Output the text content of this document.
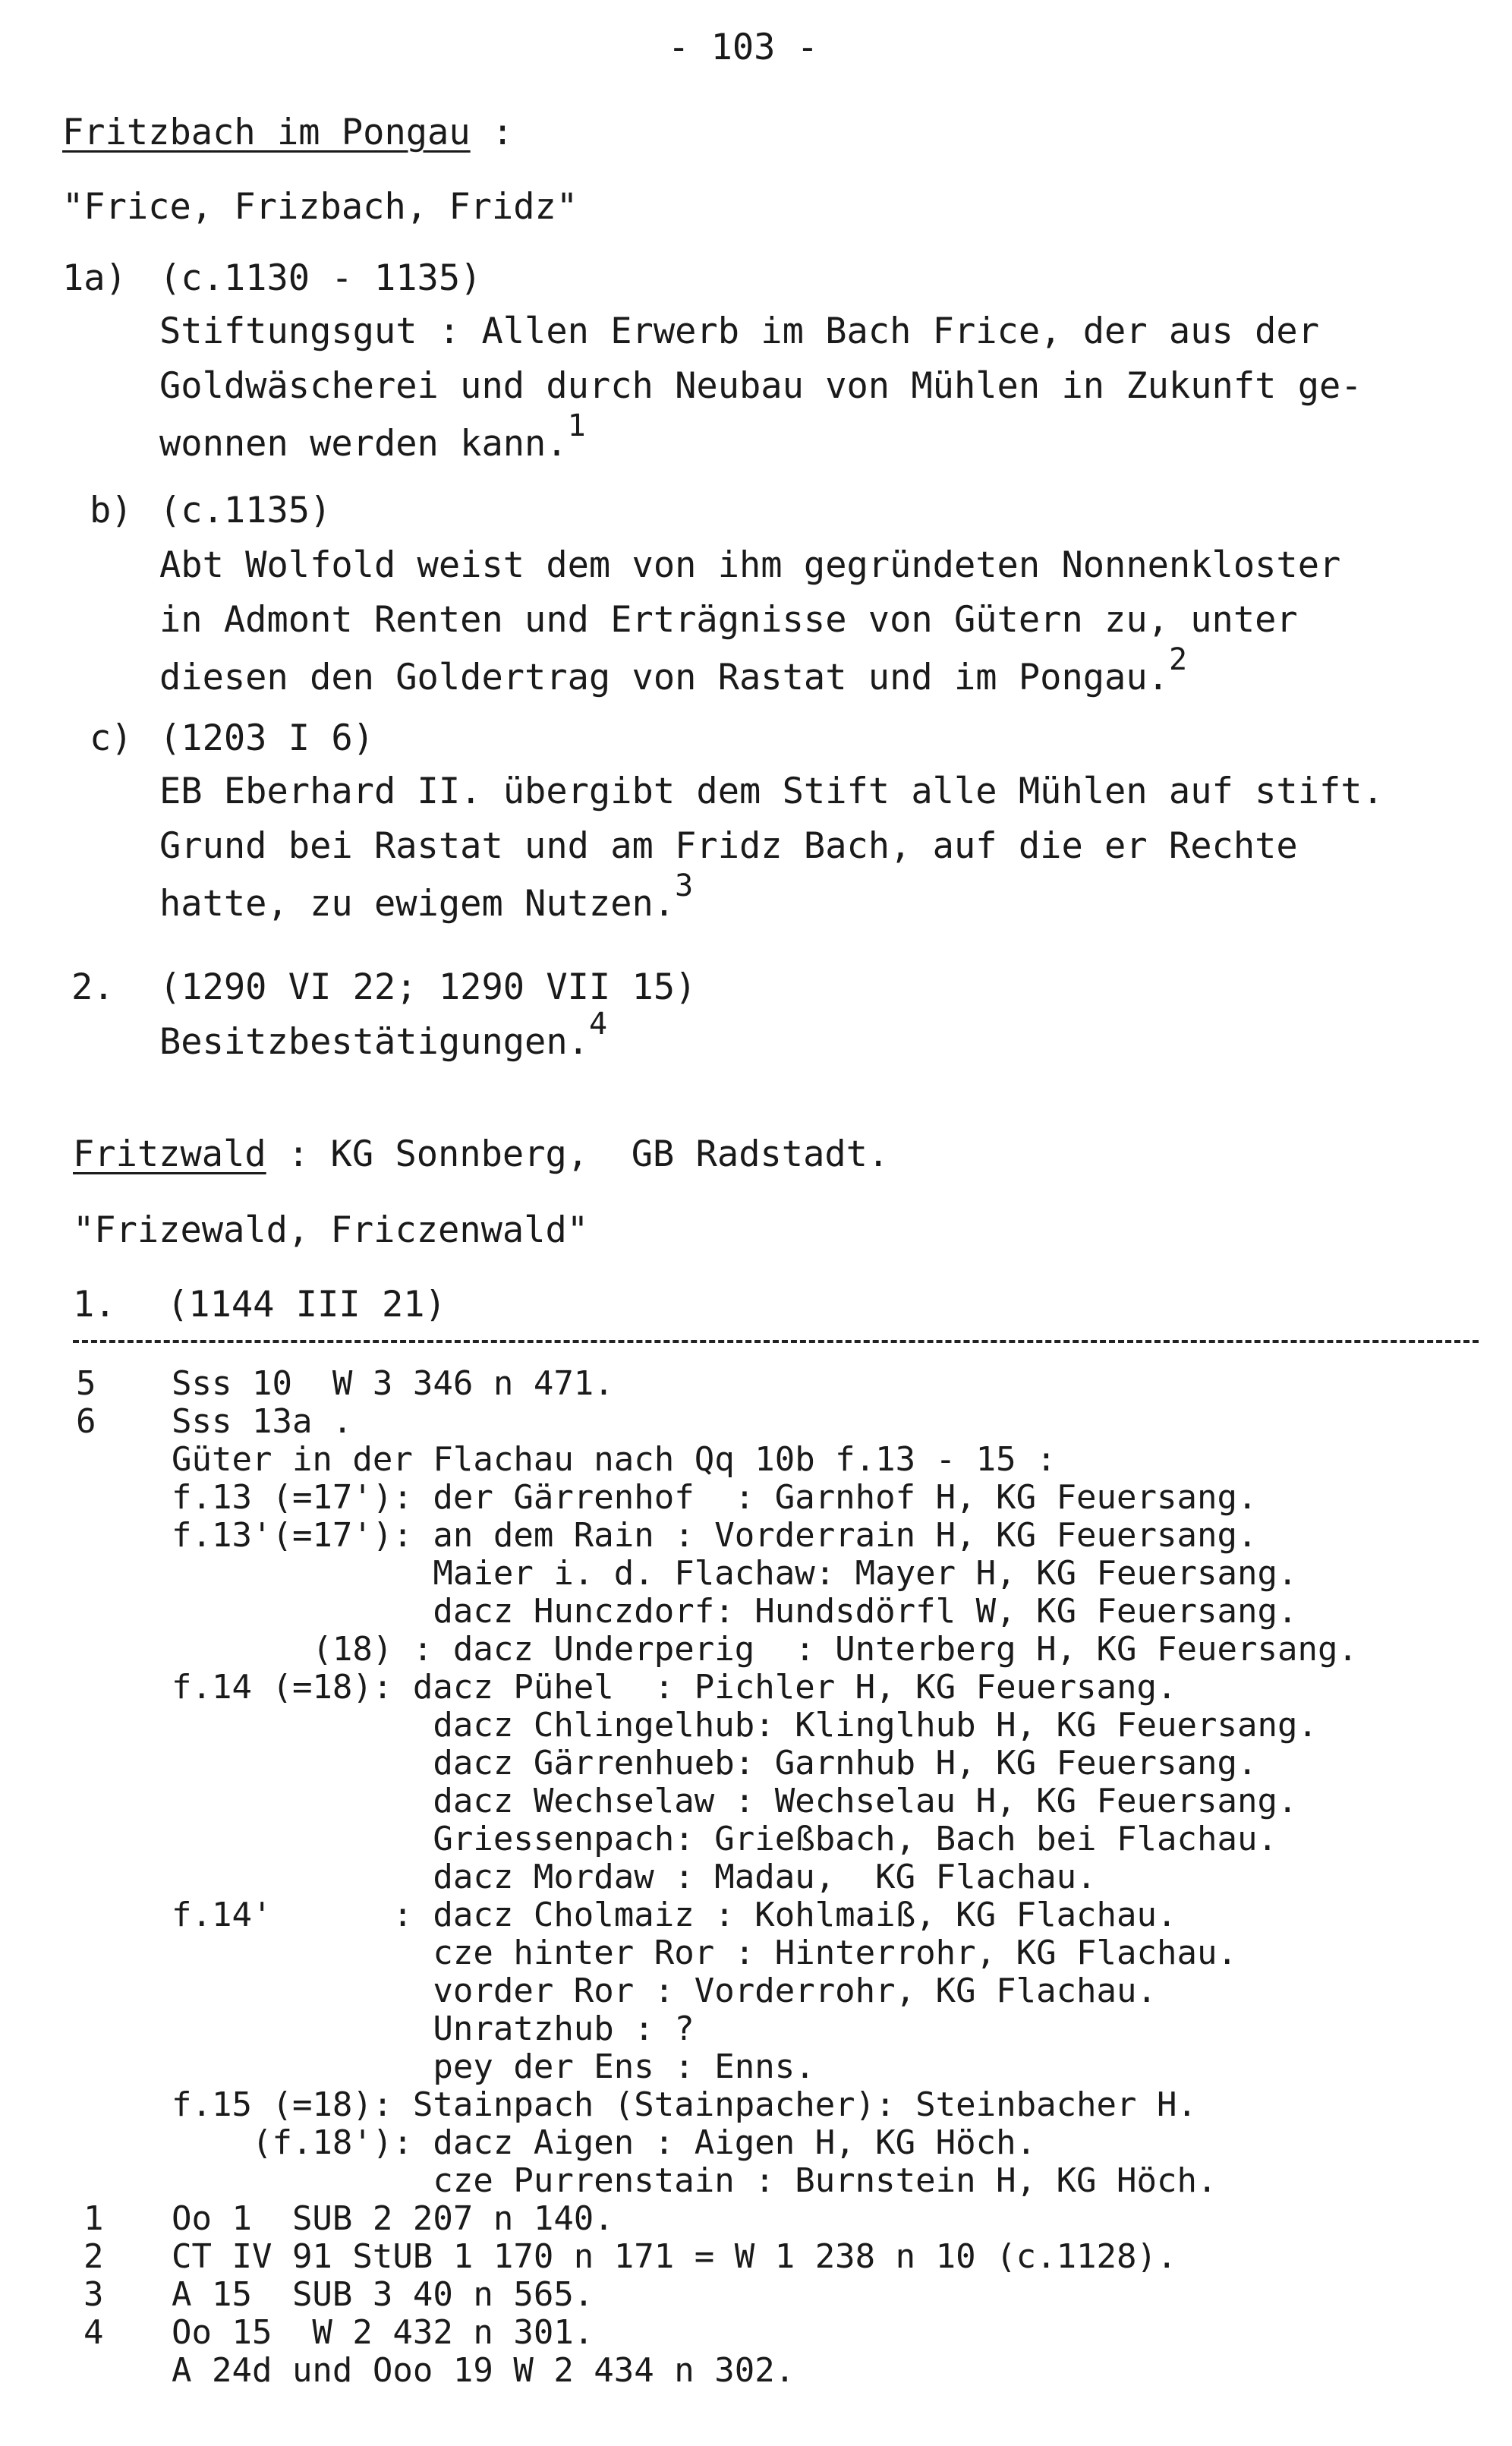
- 103 -
Fritzbach im Pongau :
"Frice, Frizbach, Fridz"
1a) (c.1130 - 1135)
Stiftungsgut : Allen Erwerb im Bach Frice, der aus der
Goldwäscherei und durch Neubau von Mühlen in Zukunft ge-
wonnen werden kann.1
b) (c.1135)
Abt Wolfold weist dem von ihm gegründeten Nonnenkloster
in Admont Renten und Erträgnisse von Gütern zu, unter
diesen den Goldertrag von Rastat und im Pongau.2
c) (1203 I 6)
EB Eberhard II. übergibt dem Stift alle Mühlen auf stift.
Grund bei Rastat und am Fridz Bach, auf die er Rechte
hatte, zu ewigem Nutzen.3
2. (1290 VI 22; 1290 VII 15)
Besitzbestätigungen.4
Fritzwald : KG Sonnberg,  GB Radstadt.
"Frizewald, Friczenwald"
1. (1144 III 21)
5 Sss 10  W 3 346 n 471.
6 Sss 13a .
Güter in der Flachau nach Qq 10b f.13 - 15 :
f.13 (=17'): der Gärrenhof  : Garnhof H, KG Feuersang.
f.13'(=17'): an dem Rain : Vorderrain H, KG Feuersang.
Maier i. d. Flachaw: Mayer H, KG Feuersang.
dacz Hunczdorf: Hundsdörfl W, KG Feuersang.
(18) : dacz Underperig  : Unterberg H, KG Feuersang.
f.14 (=18): dacz Pühel  : Pichler H, KG Feuersang.
dacz Chlingelhub: Klinglhub H, KG Feuersang.
dacz Gärrenhueb: Garnhub H, KG Feuersang.
dacz Wechselaw : Wechselau H, KG Feuersang.
Griessenpach: Grießbach, Bach bei Flachau.
dacz Mordaw : Madau,  KG Flachau.
f.14'      : dacz Cholmaiz : Kohlmaiß, KG Flachau.
cze hinter Ror : Hinterrohr, KG Flachau.
vorder Ror : Vorderrohr, KG Flachau.
Unratzhub : ?
pey der Ens : Enns.
f.15 (=18): Stainpach (Stainpacher): Steinbacher H.
(f.18'): dacz Aigen : Aigen H, KG Höch.
cze Purrenstain : Burnstein H, KG Höch.
1 Oo 1  SUB 2 207 n 140.
2 CT IV 91 StUB 1 170 n 171 = W 1 238 n 10 (c.1128).
3 A 15  SUB 3 40 n 565.
4 Oo 15  W 2 432 n 301.
A 24d und Ooo 19 W 2 434 n 302.
